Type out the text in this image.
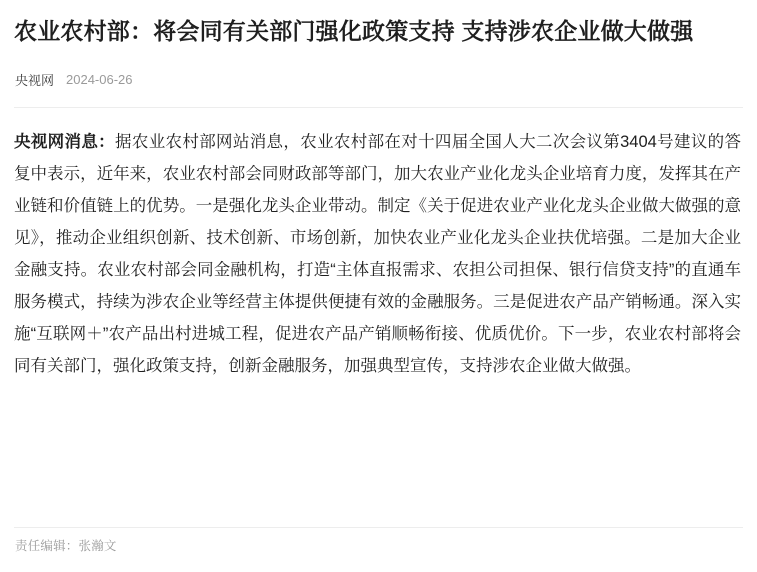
农业农村部：将会同有关部门强化政策支持 支持涉农企业做大做强
央视网 2024-06-26
央视网消息：据农业农村部网站消息，农业农村部在对十四届全国人大二次会议第3404号建议的答复中表示，近年来，农业农村部会同财政部等部门，加大农业产业化龙头企业培育力度，发挥其在产业链和价值链上的优势。一是强化龙头企业带动。制定《关于促进农业产业化龙头企业做大做强的意见》，推动企业组织创新、技术创新、市场创新，加快农业产业化龙头企业扶优培强。二是加大企业金融支持。农业农村部会同金融机构，打造“主体直报需求、农担公司担保、银行信贷支持”的直通车服务模式，持续为涉农企业等经营主体提供便捷有效的金融服务。三是促进农产品产销畅通。深入实施“互联网＋”农产品出村进城工程，促进农产品产销顺畅衔接、优质优价。下一步，农业农村部将会同有关部门，强化政策支持，创新金融服务，加强典型宣传，支持涉农企业做大做强。
责任编辑：张瀚文
